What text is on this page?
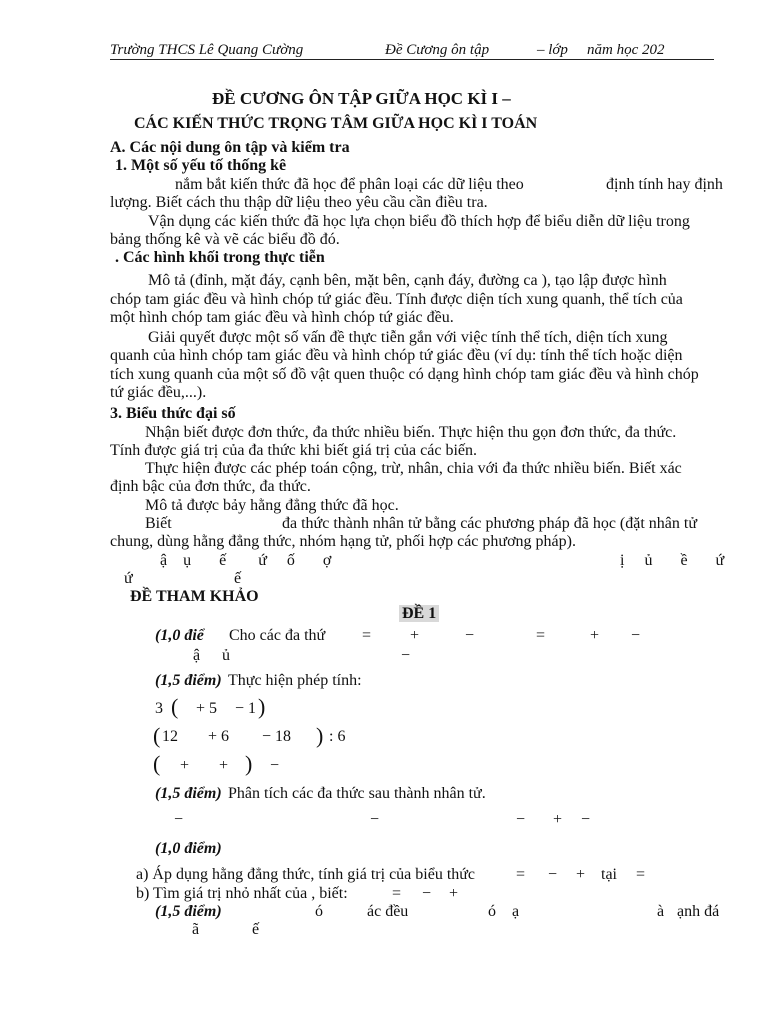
Trường THCS Lê Quang Cường	Đề Cương ôn tập	– lớp năm học 202
ĐỀ CƯƠNG ÔN TẬP GIỮA HỌC KÌ I –
CÁC KIẾN THỨC TRỌNG TÂM GIỮA HỌC KÌ I TOÁN
A. Các nội dung ôn tập và kiểm tra
1. Một số yếu tố thống kê
nắm bắt kiến thức đã học để phân loại các dữ liệu theo	định tính hay định
lượng. Biết cách thu thập dữ liệu theo yêu cầu cần điều tra.
Vận dụng các kiến thức đã học lựa chọn biểu đồ thích hợp để biểu diễn dữ liệu trong
bảng thống kê và vẽ các biểu đồ đó.
. Các hình khối trong thực tiễn
Mô tả (đỉnh, mặt đáy, cạnh bên, mặt bên, cạnh đáy, đường ca ), tạo lập được hình
chóp tam giác đều và hình chóp tứ giác đều. Tính được diện tích xung quanh, thể tích của
một hình chóp tam giác đều và hình chóp tứ giác đều.
Giải quyết được một số vấn đề thực tiễn gắn với việc tính thể tích, diện tích xung
quanh của hình chóp tam giác đều và hình chóp tứ giác đều (ví dụ: tính thể tích hoặc diện
tích xung quanh của một số đồ vật quen thuộc có dạng hình chóp tam giác đều và hình chóp
tứ giác đều,...).
3. Biểu thức đại số
Nhận biết được đơn thức, đa thức nhiều biến. Thực hiện thu gọn đơn thức, đa thức.
Tính được giá trị của đa thức khi biết giá trị của các biến.
Thực hiện được các phép toán cộng, trừ, nhân, chia với đa thức nhiều biến. Biết xác
định bậc của đơn thức, đa thức.
Mô tả được bảy hằng đẳng thức đã học.
Biết	đa thức thành nhân tử bằng các phương pháp đã học (đặt nhân tử
chung, dùng hằng đẳng thức, nhóm hạng tử, phối hợp các phương pháp).
ậ    ụ       ế        ứ     ố       ợ	ị     ủ       ề       ứ
ứ	ế
ĐỀ THAM KHẢO
ĐỀ 1
(1,0 điể Cho các đa thứ = +	−	=	+ −
ậ ủ	−
(1,5 điểm) Thực hiện phép tính:
3 ( + 5 − 1 )
( 12 + 6 − 18 ) : 6
( + + ) −
(1,5 điểm) Phân tích các đa thức sau thành nhân tử.
−	−	− + −
(1,0 điểm)
a) Áp dụng hằng đẳng thức, tính giá trị của biểu thức	= − + tại =
b) Tìm giá trị nhỏ nhất của , biết:	= − +
(1,5 điểm)	ó	ác đều	ó ạ	à ạnh đá
ã	ế
